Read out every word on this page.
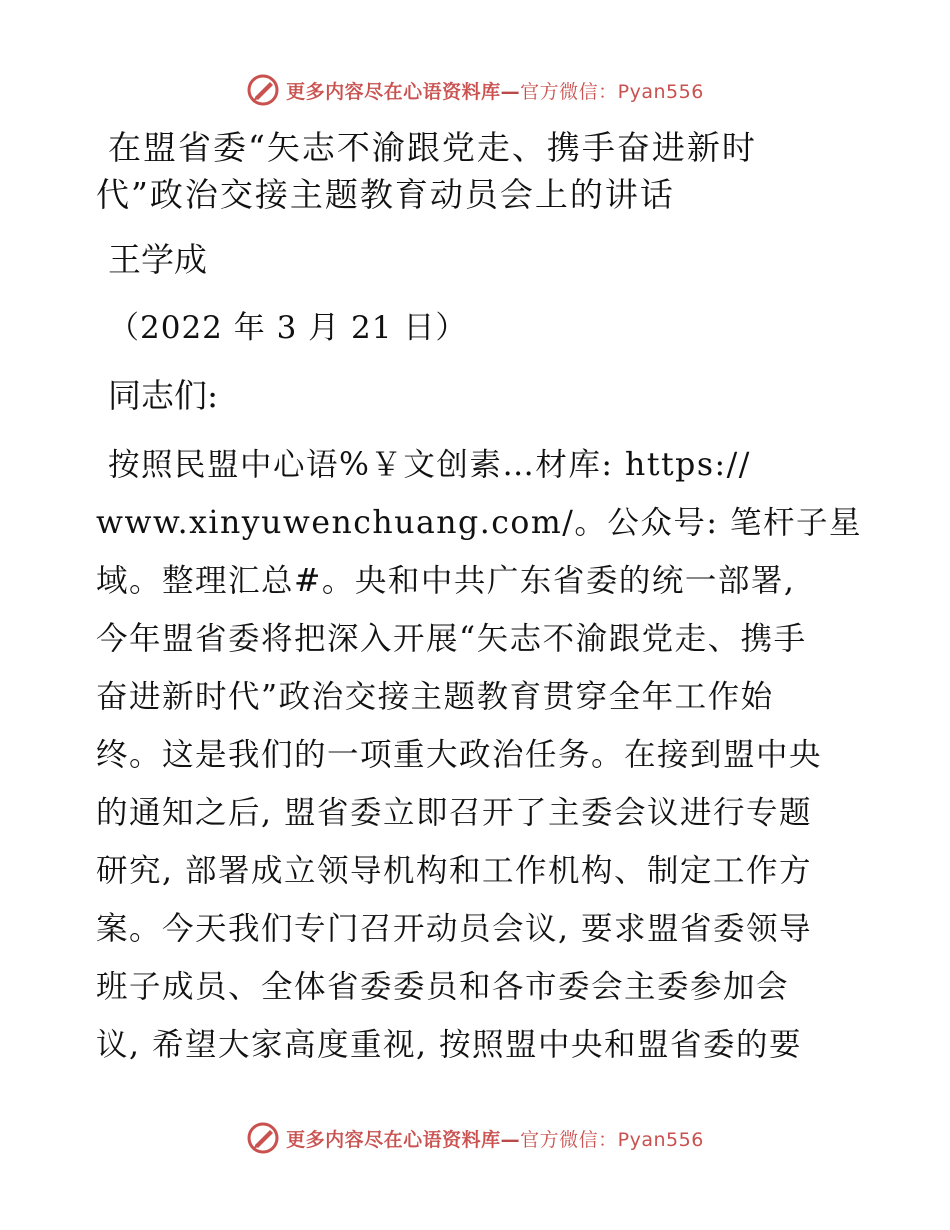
更多内容尽在心语资料库—官方微信：Pyan556
在盟省委“矢志不渝跟党走、携手奋进新时
代”政治交接主题教育动员会上的讲话
王学成
（2022 年 3 月 21 日）
同志们:
按照民盟中心语%￥文创素…材库: https://
www.xinyuwenchuang.com/。公众号: 笔杆子星
域。整理汇总#。央和中共广东省委的统一部署,
今年盟省委将把深入开展“矢志不渝跟党走、携手
奋进新时代”政治交接主题教育贯穿全年工作始
终。这是我们的一项重大政治任务。在接到盟中央
的通知之后, 盟省委立即召开了主委会议进行专题
研究, 部署成立领导机构和工作机构、制定工作方
案。今天我们专门召开动员会议, 要求盟省委领导
班子成员、全体省委委员和各市委会主委参加会
议, 希望大家高度重视, 按照盟中央和盟省委的要
更多内容尽在心语资料库—官方微信：Pyan556
